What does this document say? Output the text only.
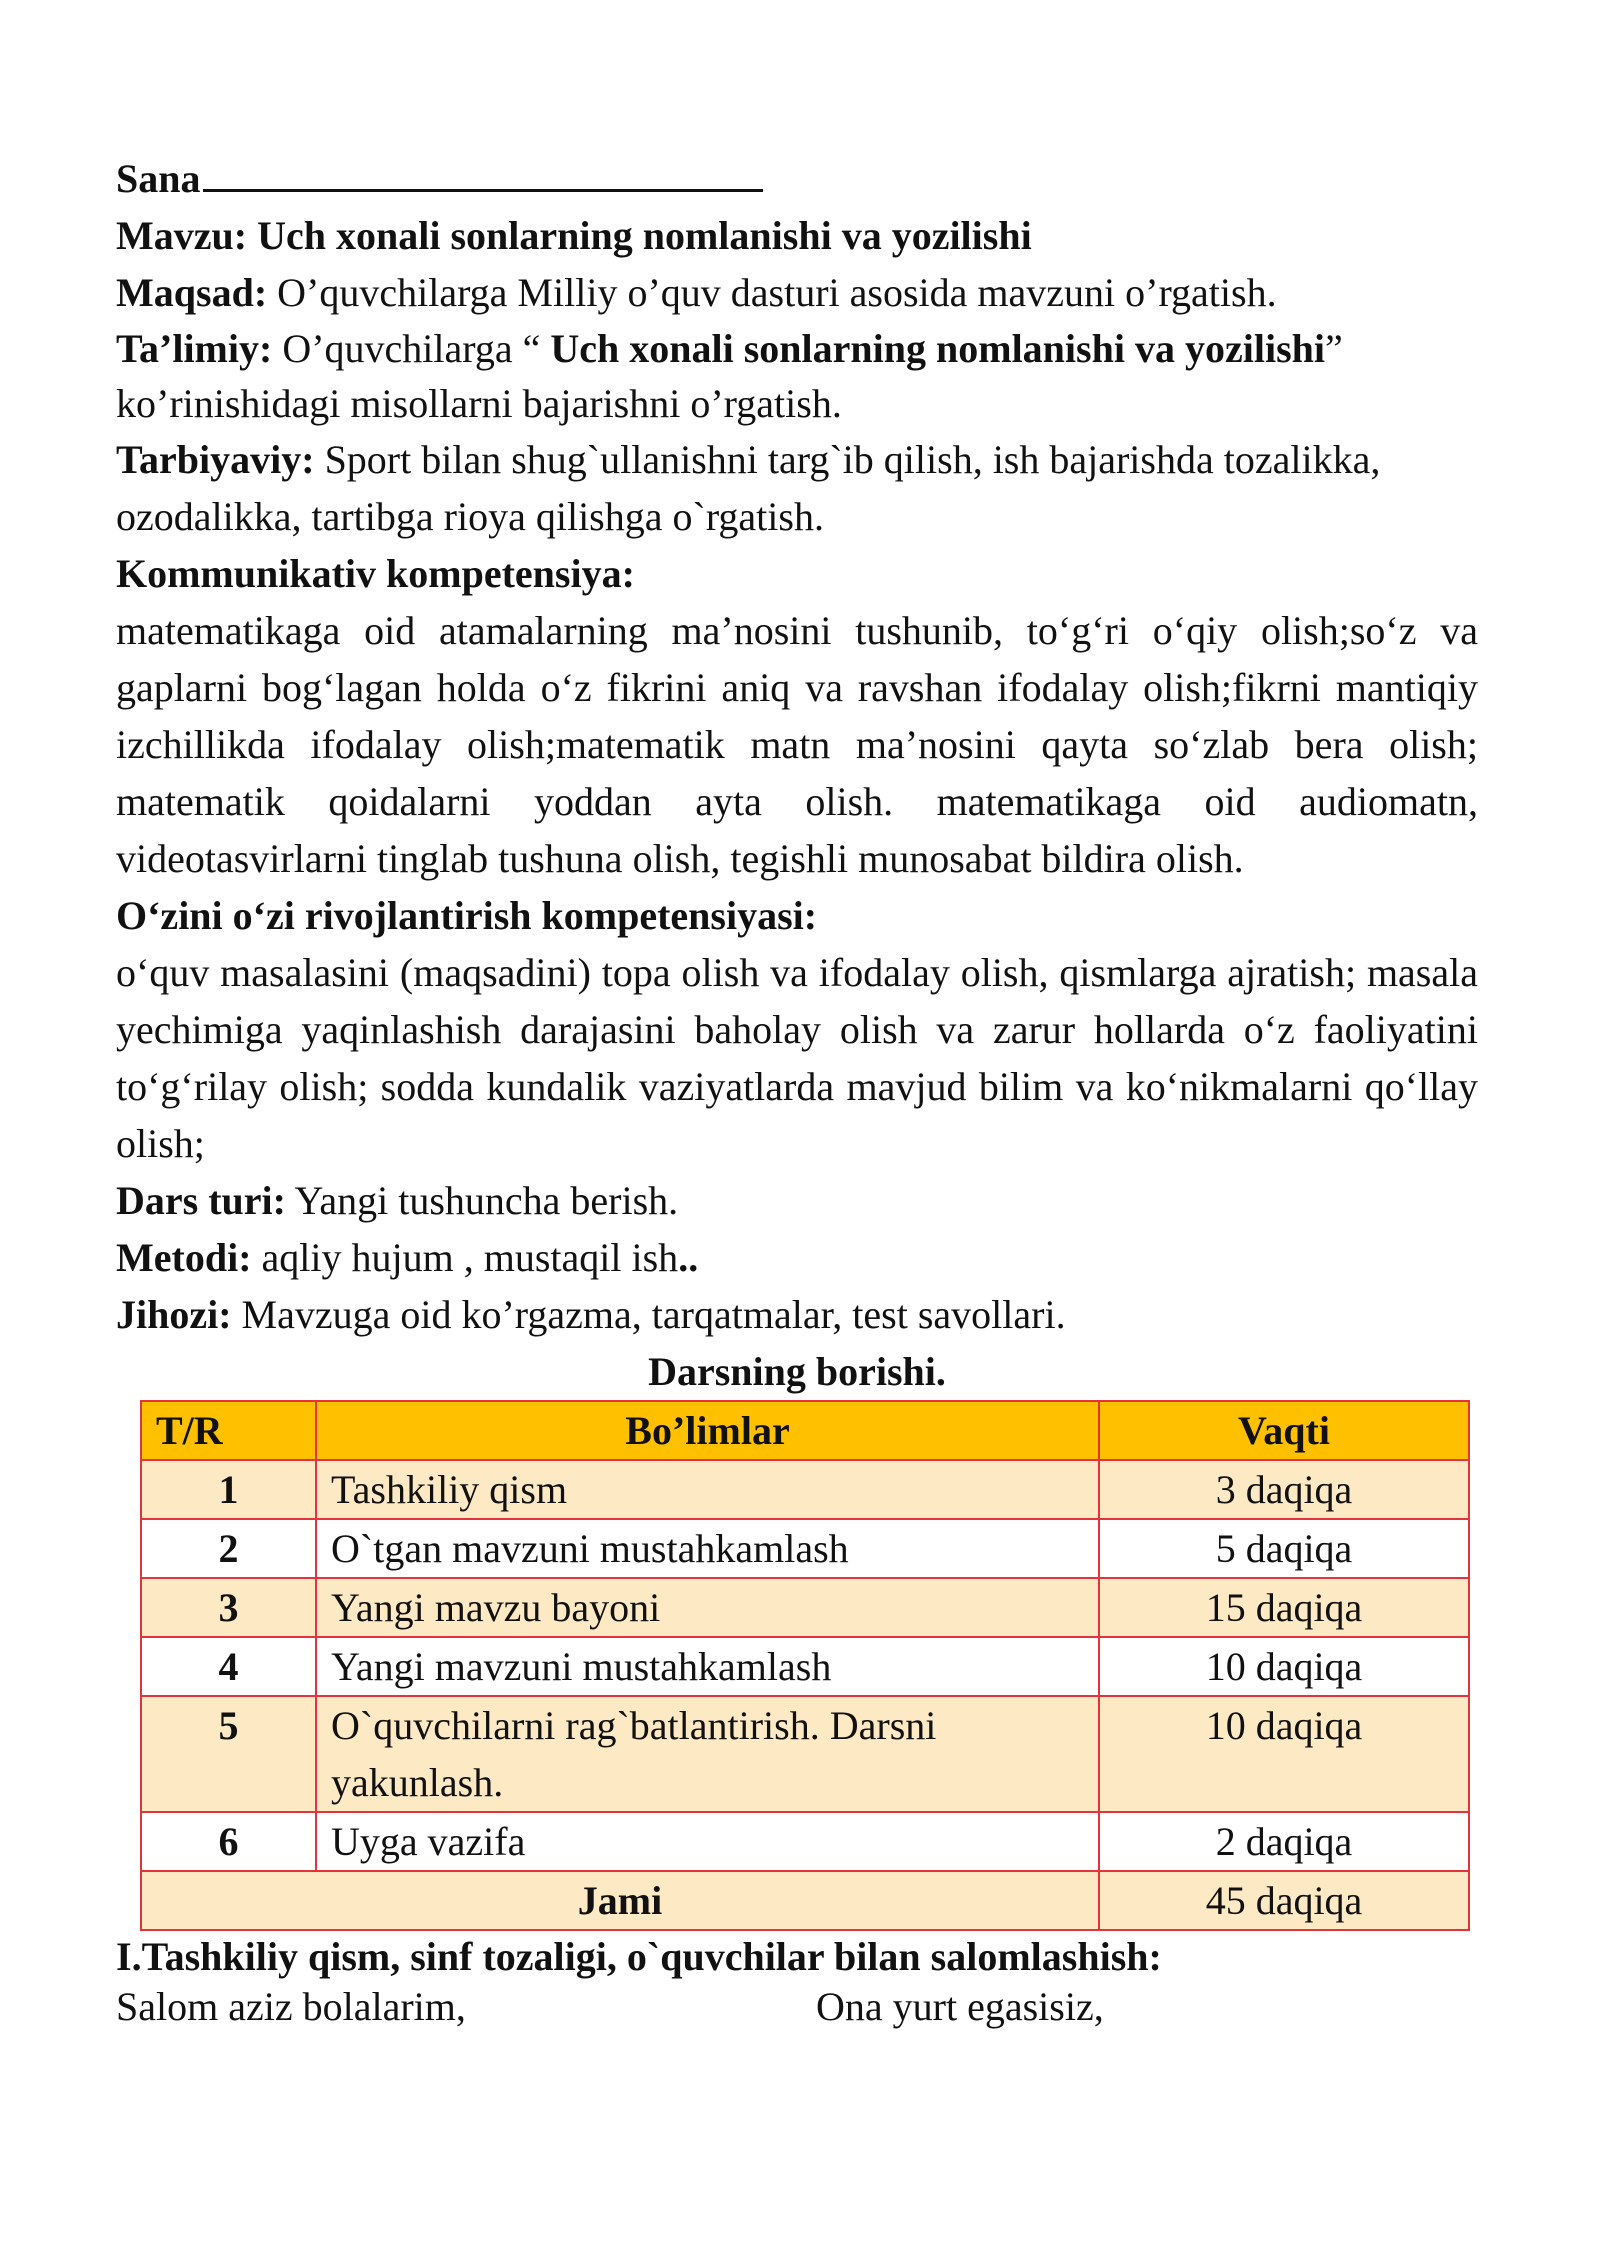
Sana

Mavzu: Uch xonali sonlarning nomlanishi va yozilishi

Maqsad: O’quvchilarga Milliy o’quv dasturi asosida mavzuni o’rgatish.

Ta’limiy: O’quvchilarga “ Uch xonali sonlarning nomlanishi va yozilishi” ko’rinishidagi misollarni bajarishni o’rgatish.

Tarbiyaviy: Sport bilan shug`ullanishni targ`ib qilish, ish bajarishda tozalikka, ozodalikka, tartibga rioya qilishga o`rgatish.

Kommunikativ kompetensiya:

matematikaga oid atamalarning ma’nosini tushunib, to‘g‘ri o‘qiy olish;so‘z va gaplarni bog‘lagan holda o‘z fikrini aniq va ravshan ifodalay olish;fikrni mantiqiy izchillikda ifodalay olish;matematik matn ma’nosini qayta so‘zlab bera olish; matematik qoidalarni yoddan ayta olish. matematikaga oid audiomatn, videotasvirlarni tinglab tushuna olish, tegishli munosabat bildira olish.

O‘zini o‘zi rivojlantirish kompetensiyasi:

o‘quv masalasini (maqsadini) topa olish va ifodalay olish, qismlarga ajratish; masala yechimiga yaqinlashish darajasini baholay olish va zarur hollarda o‘z faoliyatini to‘g‘rilay olish; sodda kundalik vaziyatlarda mavjud bilim va ko‘nikmalarni qo‘llay olish;

Dars turi: Yangi tushuncha berish.

Metodi: aqliy hujum , mustaqil ish..

Jihozi: Mavzuga oid ko’rgazma, tarqatmalar, test savollari.

Darsning borishi.

T/R	Bo’limlar	Vaqti
1	Tashkiliy qism	3 daqiqa
2	O`tgan mavzuni mustahkamlash	5 daqiqa
3	Yangi mavzu bayoni	15 daqiqa
4	Yangi mavzuni mustahkamlash	10 daqiqa
5	O`quvchilarni rag`batlantirish. Darsni yakunlash.	10 daqiqa
6	Uyga vazifa	2 daqiqa
Jami		45 daqiqa

I.Tashkiliy qism, sinf tozaligi, o`quvchilar bilan salomlashish:

Salom aziz bolalarim,	Ona yurt egasisiz,
